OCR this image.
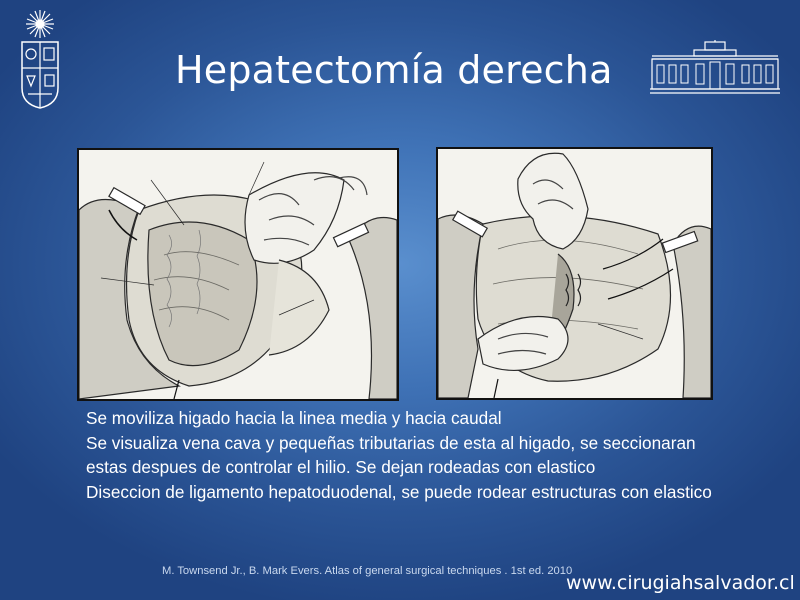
Hepatectomía derecha

Se moviliza higado hacia la linea media y hacia caudal

Se visualiza vena cava y pequeñas tributarias de esta al higado, se seccionaran estas despues de controlar el hilio. Se dejan rodeadas con elastico

Diseccion de ligamento hepatoduodenal, se puede rodear estructuras con elastico

M. Townsend Jr., B. Mark Evers. Atlas of general surgical techniques . 1st ed. 2010

www.cirugiahsalvador.cl
